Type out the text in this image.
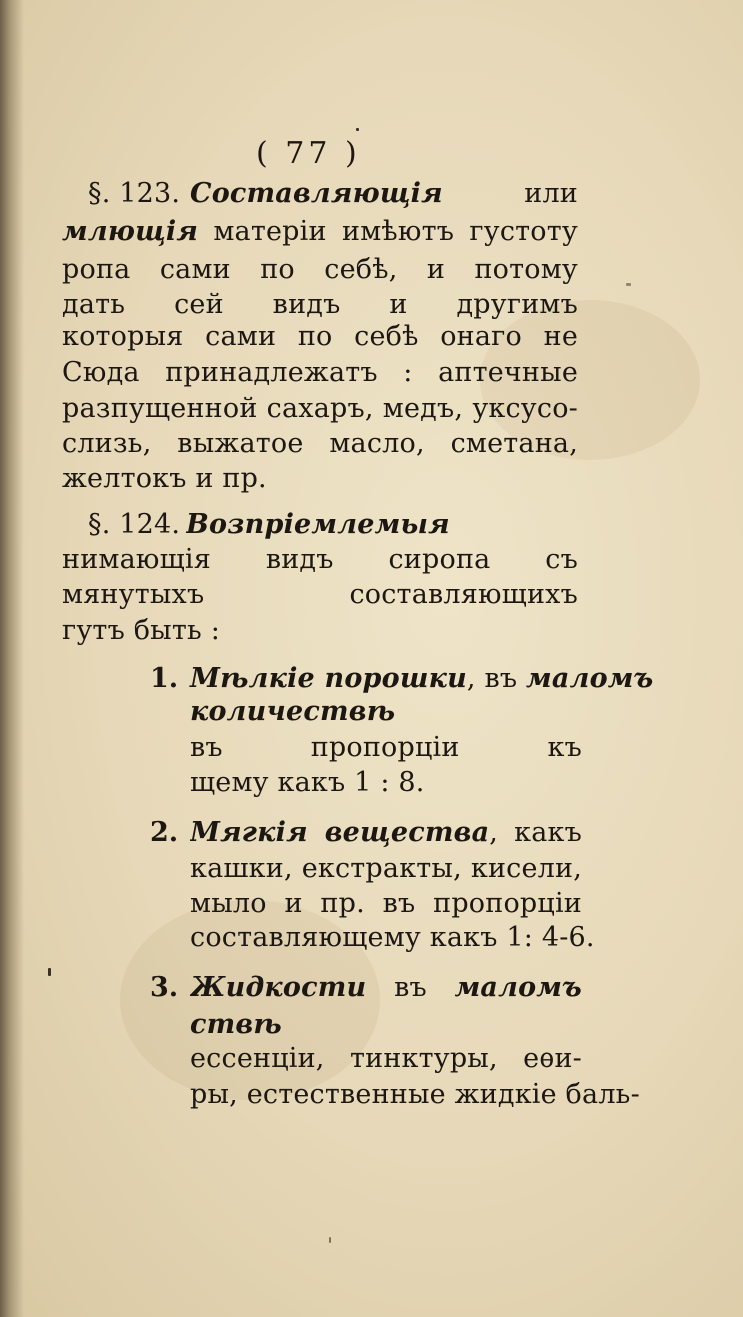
( 77 )
§. 123. Составляющія или
млющія матеріи имѣютъ густоту
ропа сами по себѣ, и потому
дать сей видъ и другимъ
которыя сами по себѣ онаго не
Сюда принадлежатъ : аптечные
разпущенной сахаръ, медъ, уксусо-
слизь, выжатое масло, сметана,
желтокъ и пр.
§. 124. Возпріемлемыя
нимающія видъ сиропа съ
мянутыхъ составляющихъ
гутъ быть :
1. Мѣлкіе порошки, въ маломъ
количествѣ
въ пропорціи къ
щему какъ 1 : 8.
2. Мягкія вещества, какъ
кашки, екстракты, кисели,
мыло и пр. въ пропорціи
составляющему какъ 1: 4-6.
3. Жидкости въ маломъ
ствѣ
ессенціи, тинктуры, еѳи-
ры, естественные жидкіе баль-
